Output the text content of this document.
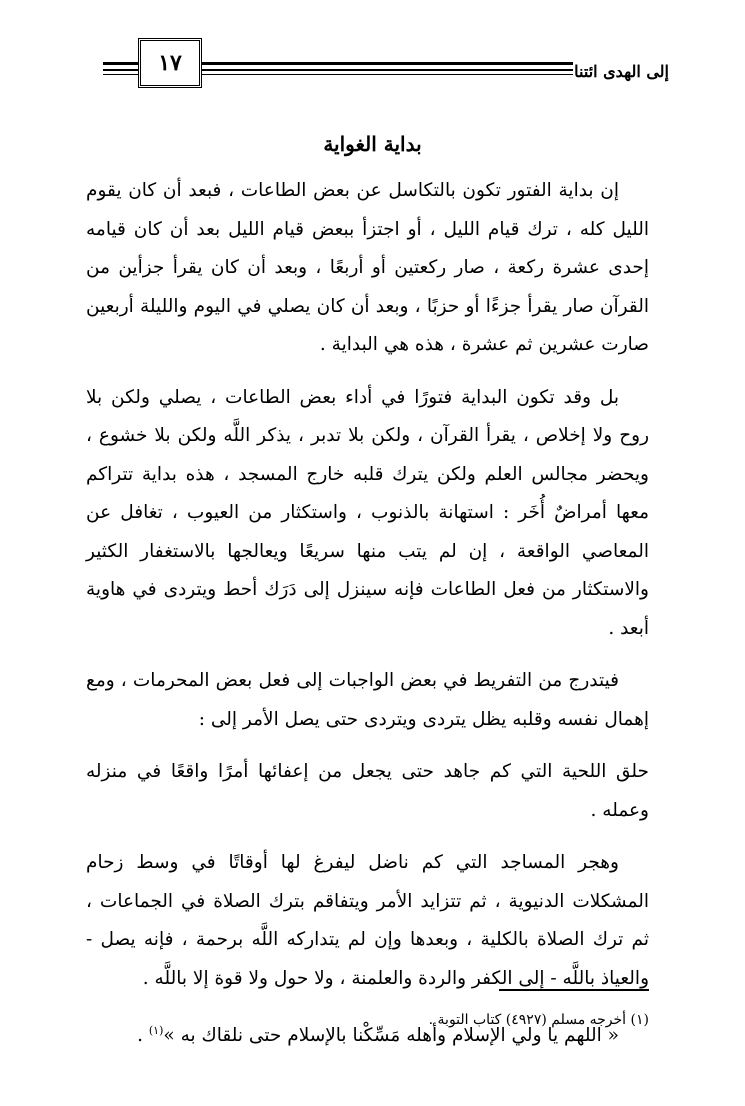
١٧	إلى الهدى ائتنا
بداية الغواية

إن بداية الفتور تكون بالتكاسل عن بعض الطاعات ، فبعد أن كان يقوم الليل كله ، ترك قيام الليل ، أو اجتزأ ببعض قيام الليل بعد أن كان قيامه إحدى عشرة ركعة ، صار ركعتين أو أربعًا ، وبعد أن كان يقرأ جزأين من القرآن صار يقرأ جزءًا أو حزبًا ، وبعد أن كان يصلي في اليوم والليلة أربعين صارت عشرين ثم عشرة ، هذه هي البداية .

بل وقد تكون البداية فتورًا في أداء بعض الطاعات ، يصلي ولكن بلا روح ولا إخلاص ، يقرأ القرآن ، ولكن بلا تدبر ، يذكر اللَّه ولكن بلا خشوع ، ويحضر مجالس العلم ولكن يترك قلبه خارج المسجد ، هذه بداية تتراكم معها أمراضٌ أُخَر : استهانة بالذنوب ، واستكثار من العيوب ، تغافل عن المعاصي الواقعة ، إن لم يتب منها سريعًا ويعالجها بالاستغفار الكثير والاستكثار من فعل الطاعات فإنه سينزل إلى دَرَك أحط ويتردى في هاوية أبعد .

فيتدرج من التفريط في بعض الواجبات إلى فعل بعض المحرمات ، ومع إهمال نفسه وقلبه يظل يتردى ويتردى حتى يصل الأمر إلى :

حلق اللحية التي كم جاهد حتى يجعل من إعفائها أمرًا واقعًا في منزله وعمله .

وهجر المساجد التي كم ناضل ليفرغ لها أوقاتًا في وسط زحام المشكلات الدنيوية ، ثم تتزايد الأمر ويتفاقم بترك الصلاة في الجماعات ، ثم ترك الصلاة بالكلية ، وبعدها وإن لم يتداركه اللَّه برحمة ، فإنه يصل - والعياذ باللَّه - إلى الكفر والردة والعلمنة ، ولا حول ولا قوة إلا باللَّه .

« اللهم يا ولي الإسلام وأهله مَسِّكْنا بالإسلام حتى نلقاك به »$^{(١)}$ .

(١) أخرجه مسلم (٤٩٢٧) كتاب التوبة .
